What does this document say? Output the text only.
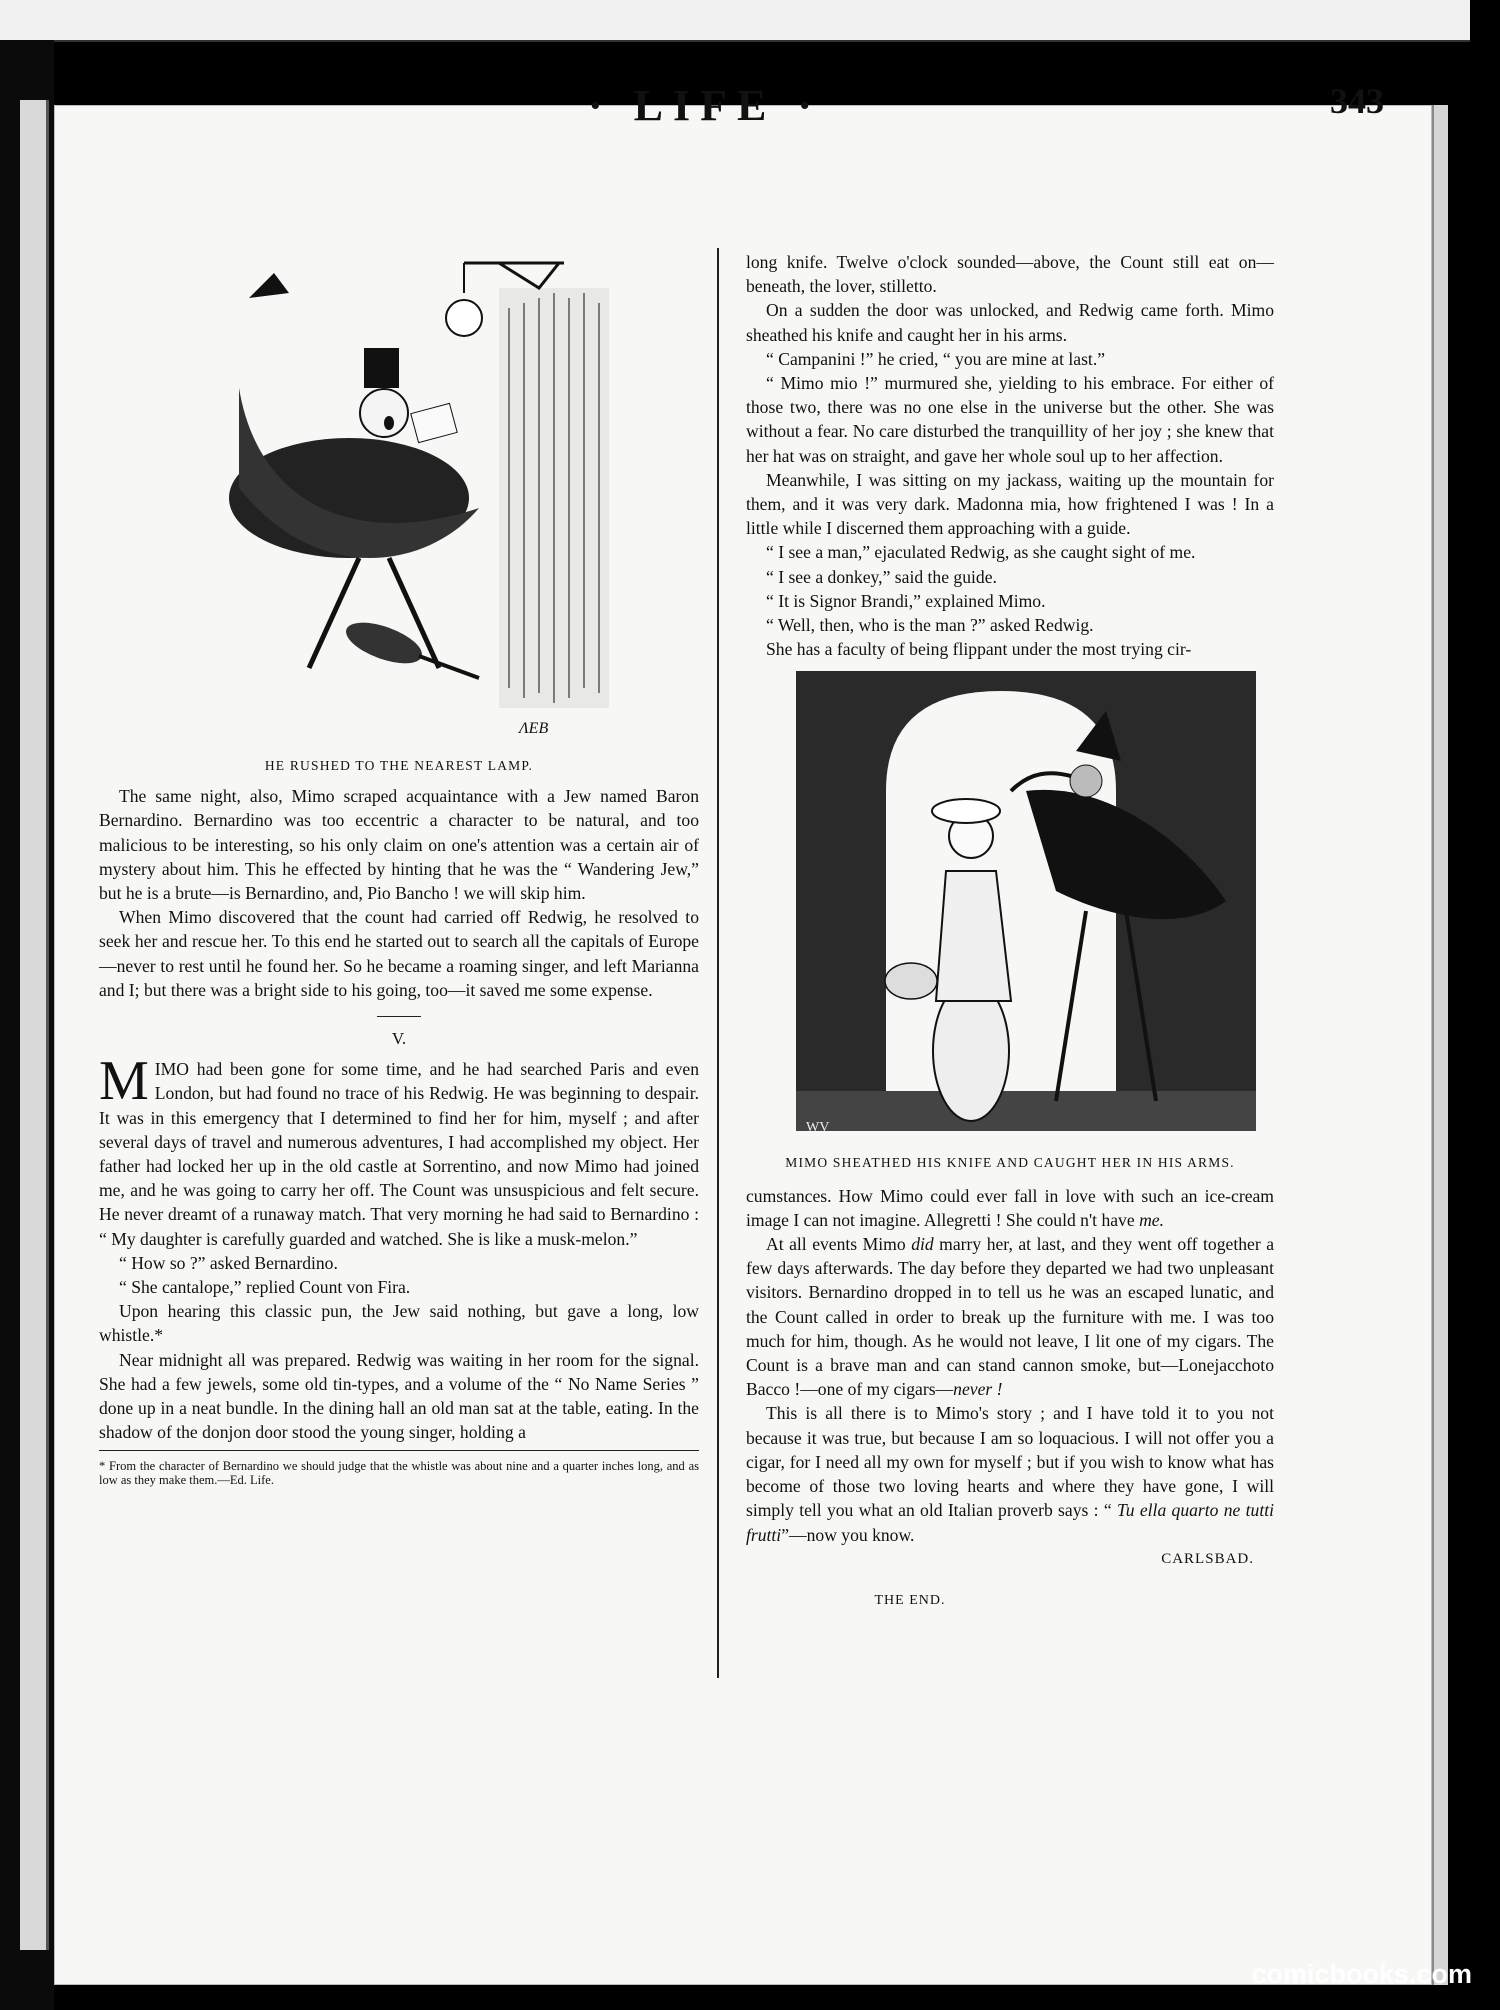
· LIFE ·	343
ΛЕВ
HE RUSHED TO THE NEAREST LAMP.

The same night, also, Mimo scraped acquaintance with a Jew named Baron Bernardino. Bernardino was too eccentric a character to be natural, and too malicious to be interesting, so his only claim on one's attention was a certain air of mystery about him. This he effected by hinting that he was the “ Wandering Jew,” but he is a brute—is Bernardino, and, Pio Bancho ! we will skip him.

When Mimo discovered that the count had carried off Redwig, he resolved to seek her and rescue her. To this end he started out to search all the capitals of Europe—never to rest until he found her. So he became a roaming singer, and left Marianna and I; but there was a bright side to his going, too—it saved me some expense.

V.

MIMO had been gone for some time, and he had searched Paris and even London, but had found no trace of his Redwig. He was beginning to despair. It was in this emergency that I determined to find her for him, myself ; and after several days of travel and numerous adventures, I had accomplished my object. Her father had locked her up in the old castle at Sorrentino, and now Mimo had joined me, and he was going to carry her off. The Count was unsuspicious and felt secure. He never dreamt of a runaway match. That very morning he had said to Bernardino : “ My daughter is carefully guarded and watched. She is like a musk-melon.”

“ How so ?” asked Bernardino.

“ She cantalope,” replied Count von Fira.

Upon hearing this classic pun, the Jew said nothing, but gave a long, low whistle.*

Near midnight all was prepared. Redwig was waiting in her room for the signal. She had a few jewels, some old tin-types, and a volume of the “ No Name Series ” done up in a neat bundle. In the dining hall an old man sat at the table, eating. In the shadow of the donjon door stood the young singer, holding a

* From the character of Bernardino we should judge that the whistle was about nine and a quarter inches long, and as low as they make them.—Ed. Life.

long knife. Twelve o'clock sounded—above, the Count still eat on—beneath, the lover, stilletto.

On a sudden the door was unlocked, and Redwig came forth. Mimo sheathed his knife and caught her in his arms.

“ Campanini !” he cried, “ you are mine at last.”

“ Mimo mio !” murmured she, yielding to his embrace. For either of those two, there was no one else in the universe but the other. She was without a fear. No care disturbed the tranquillity of her joy ; she knew that her hat was on straight, and gave her whole soul up to her affection.

Meanwhile, I was sitting on my jackass, waiting up the mountain for them, and it was very dark. Madonna mia, how frightened I was ! In a little while I discerned them approaching with a guide.

“ I see a man,” ejaculated Redwig, as she caught sight of me.

“ I see a donkey,” said the guide.

“ It is Signor Brandi,” explained Mimo.

“ Well, then, who is the man ?” asked Redwig.

She has a faculty of being flippant under the most trying cir-

WV
MIMO SHEATHED HIS KNIFE AND CAUGHT HER IN HIS ARMS.

cumstances. How Mimo could ever fall in love with such an ice-cream image I can not imagine. Allegretti ! She could n't have me.

At all events Mimo did marry her, at last, and they went off together a few days afterwards. The day before they departed we had two unpleasant visitors. Bernardino dropped in to tell us he was an escaped lunatic, and the Count called in order to break up the furniture with me. I was too much for him, though. As he would not leave, I lit one of my cigars. The Count is a brave man and can stand cannon smoke, but—Lonejacchoto Bacco !—one of my cigars—never !

This is all there is to Mimo's story ; and I have told it to you not because it was true, but because I am so loquacious. I will not offer you a cigar, for I need all my own for myself ; but if you wish to know what has become of those two loving hearts and where they have gone, I will simply tell you what an old Italian proverb says : “ Tu ella quarto ne tutti frutti”—now you know.

CARLSBAD.
THE END.
comicbooks.com
